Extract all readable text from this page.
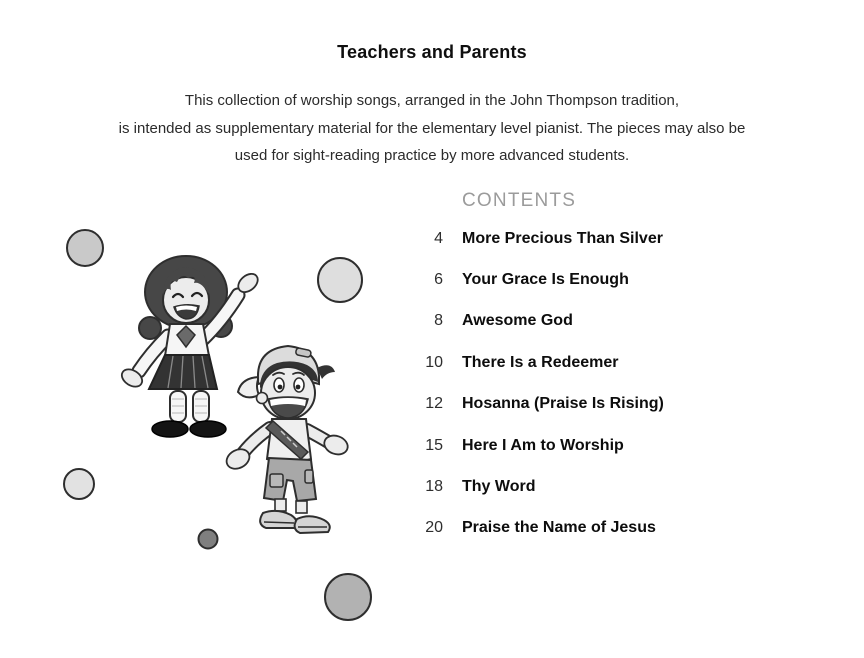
Teachers and Parents
This collection of worship songs, arranged in the John Thompson tradition,
is intended as supplementary material for the elementary level pianist. The pieces may also be
used for sight-reading practice by more advanced students.
CONTENTS
4 More Precious Than Silver
6 Your Grace Is Enough
8 Awesome God
10 There Is a Redeemer
12 Hosanna (Praise Is Rising)
15 Here I Am to Worship
18 Thy Word
20 Praise the Name of Jesus
